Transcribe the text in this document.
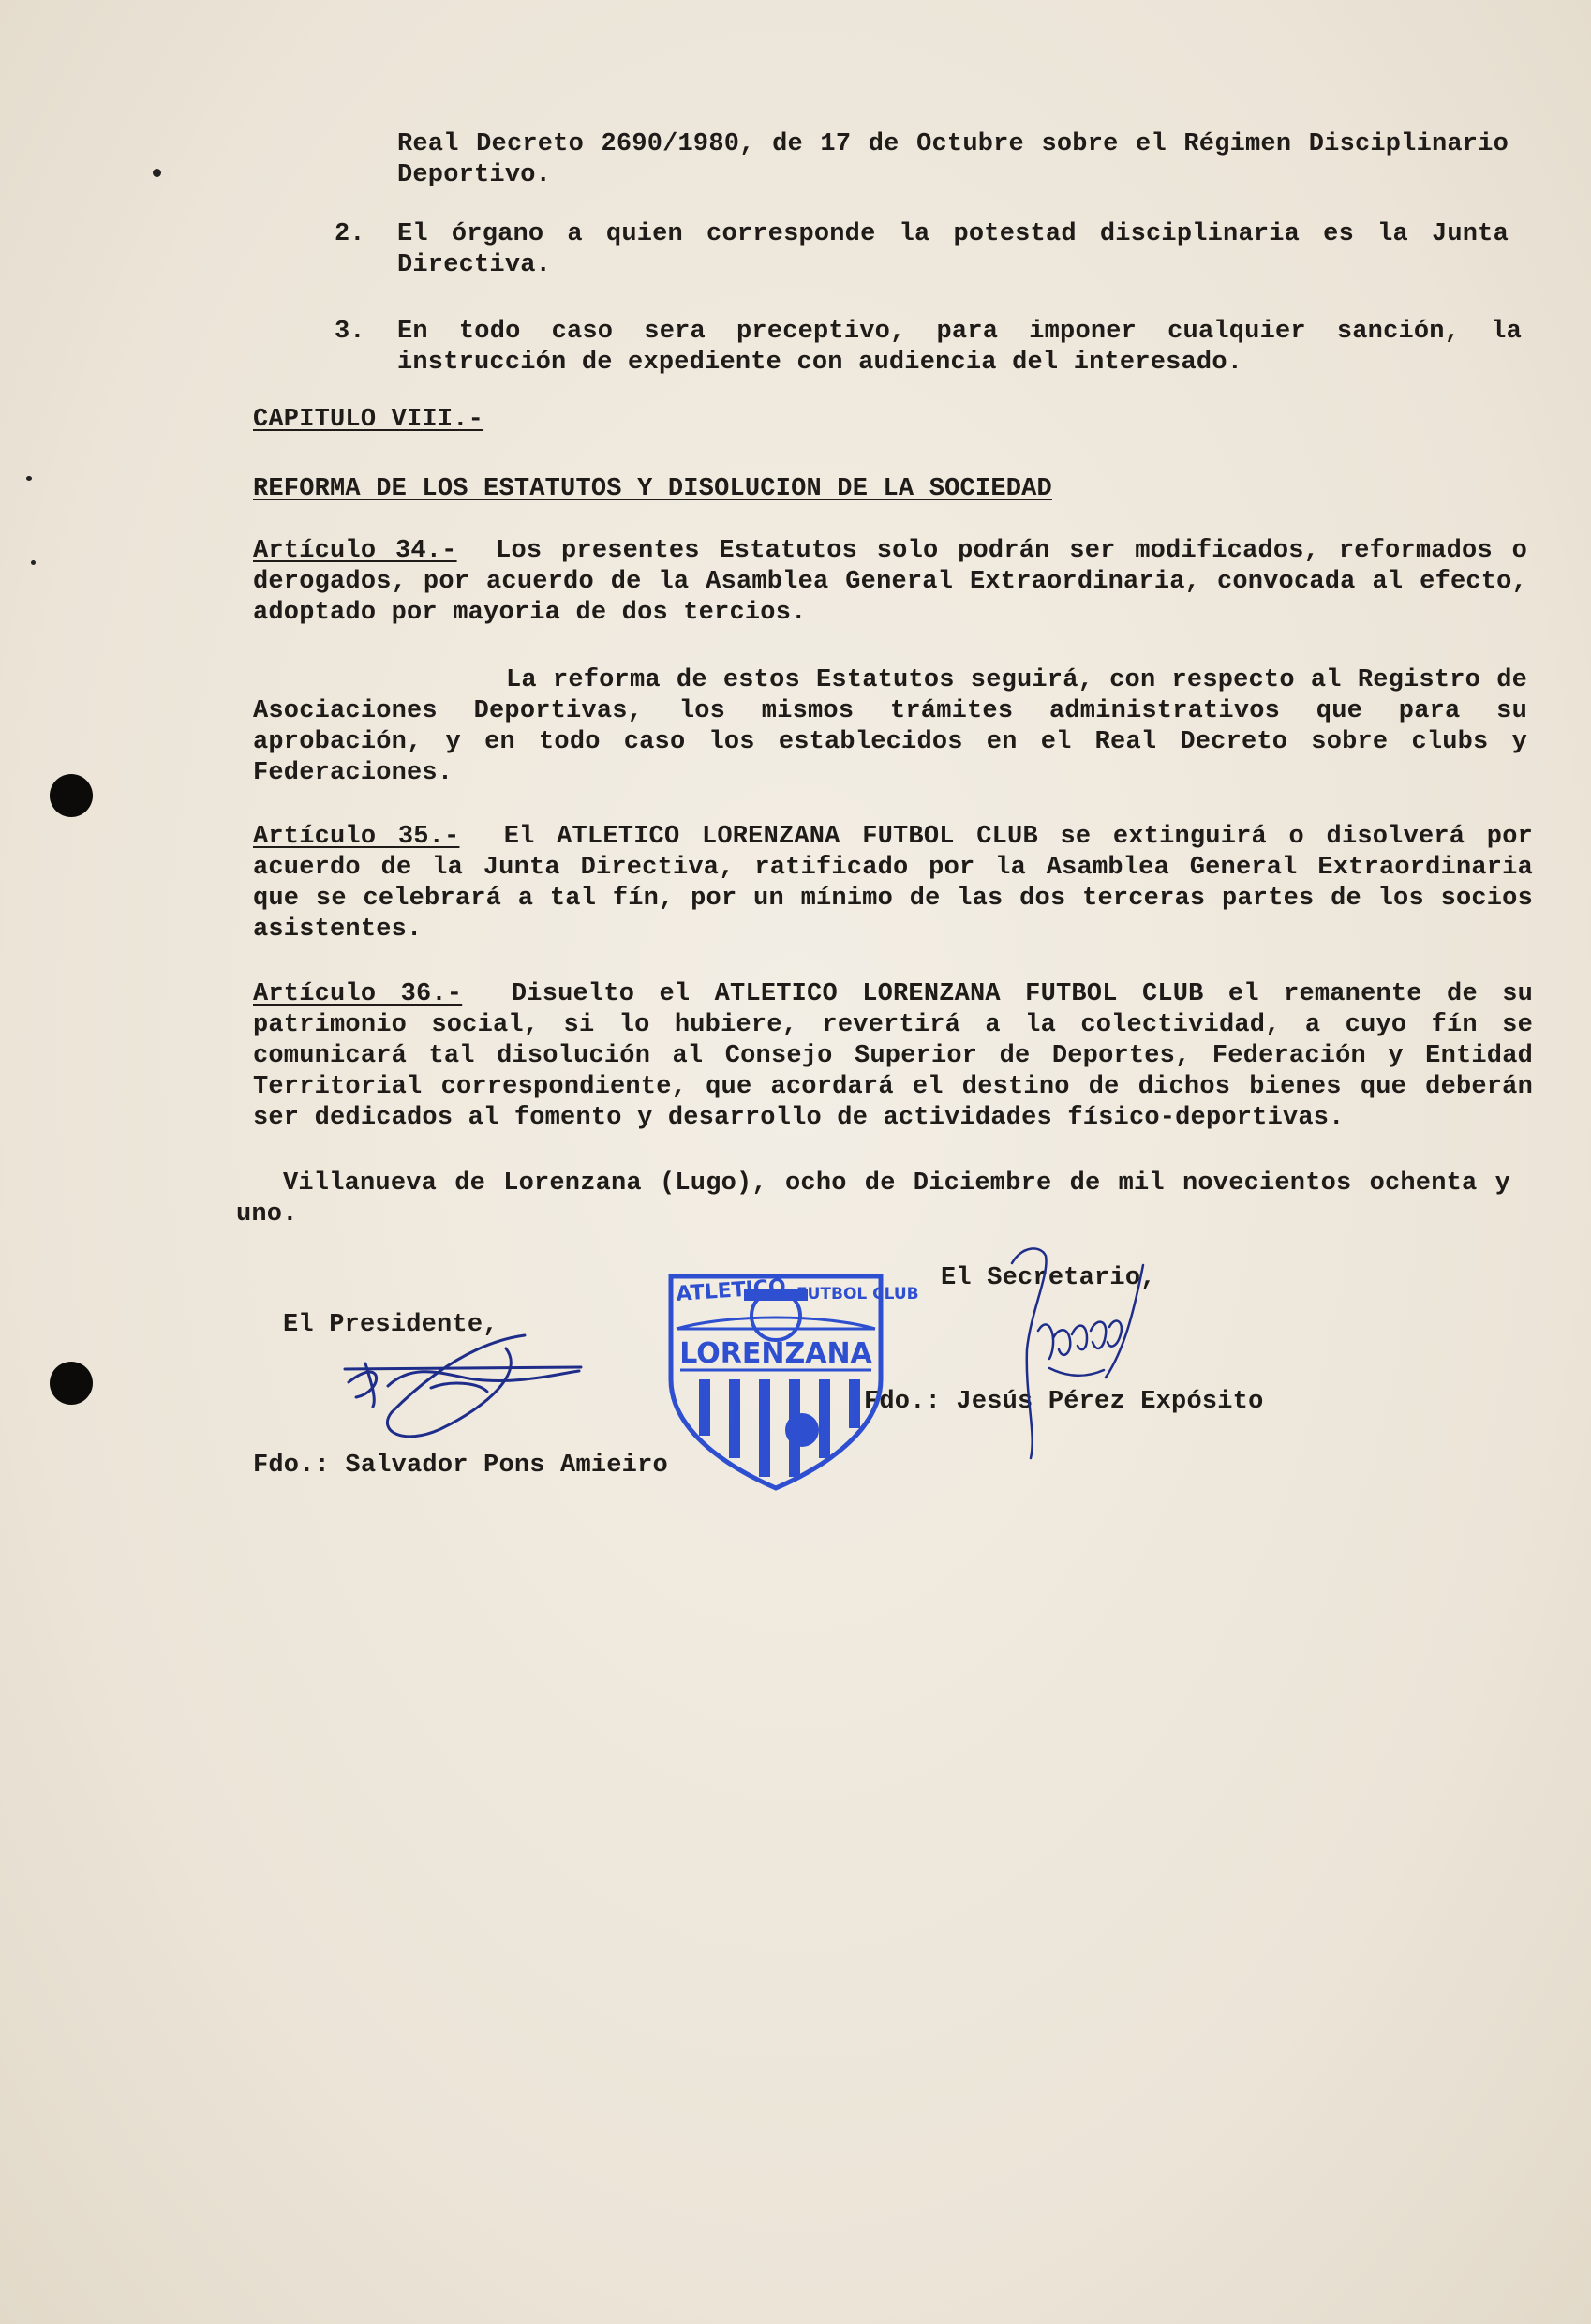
Real Decreto 2690/1980, de 17 de Octubre sobre el Régimen Disciplinario Deportivo.

2. El órgano a quien corresponde la potestad disciplinaria es la Junta Directiva.

3. En todo caso sera preceptivo, para imponer cualquier sanción, la instrucción de expediente con audiencia del interesado.

CAPITULO VIII.-

REFORMA DE LOS ESTATUTOS Y DISOLUCION DE LA SOCIEDAD

Artículo 34.- Los presentes Estatutos solo podrán ser modificados, reformados o derogados, por acuerdo de la Asamblea General Extraordinaria, convocada al efecto, adoptado por mayoria de dos tercios.

La reforma de estos Estatutos seguirá, con respecto al Registro de Asociaciones Deportivas, los mismos trámites administrativos que para su aprobación, y en todo caso los establecidos en el Real Decreto sobre clubs y Federaciones.

Artículo 35.- El ATLETICO LORENZANA FUTBOL CLUB se extinguirá o disolverá por acuerdo de la Junta Directiva, ratificado por la Asamblea General Extraordinaria que se celebrará a tal fín, por un mínimo de las dos terceras partes de los socios asistentes.

Artículo 36.- Disuelto el ATLETICO LORENZANA FUTBOL CLUB el remanente de su patrimonio social, si lo hubiere, revertirá a la colectividad, a cuyo fín se comunicará tal disolución al Consejo Superior de Deportes, Federación y Entidad Territorial correspondiente, que acordará el destino de dichos bienes que deberán ser dedicados al fomento y desarrollo de actividades físico-deportivas.

Villanueva de Lorenzana (Lugo), ocho de Diciembre de mil novecientos ochenta y uno.

El Secretario,

El Presidente,

Fdo.: Jesús Pérez Expósito

Fdo.: Salvador Pons Amieiro

ATLETICO FUTBOL CLUB
LORENZANA
